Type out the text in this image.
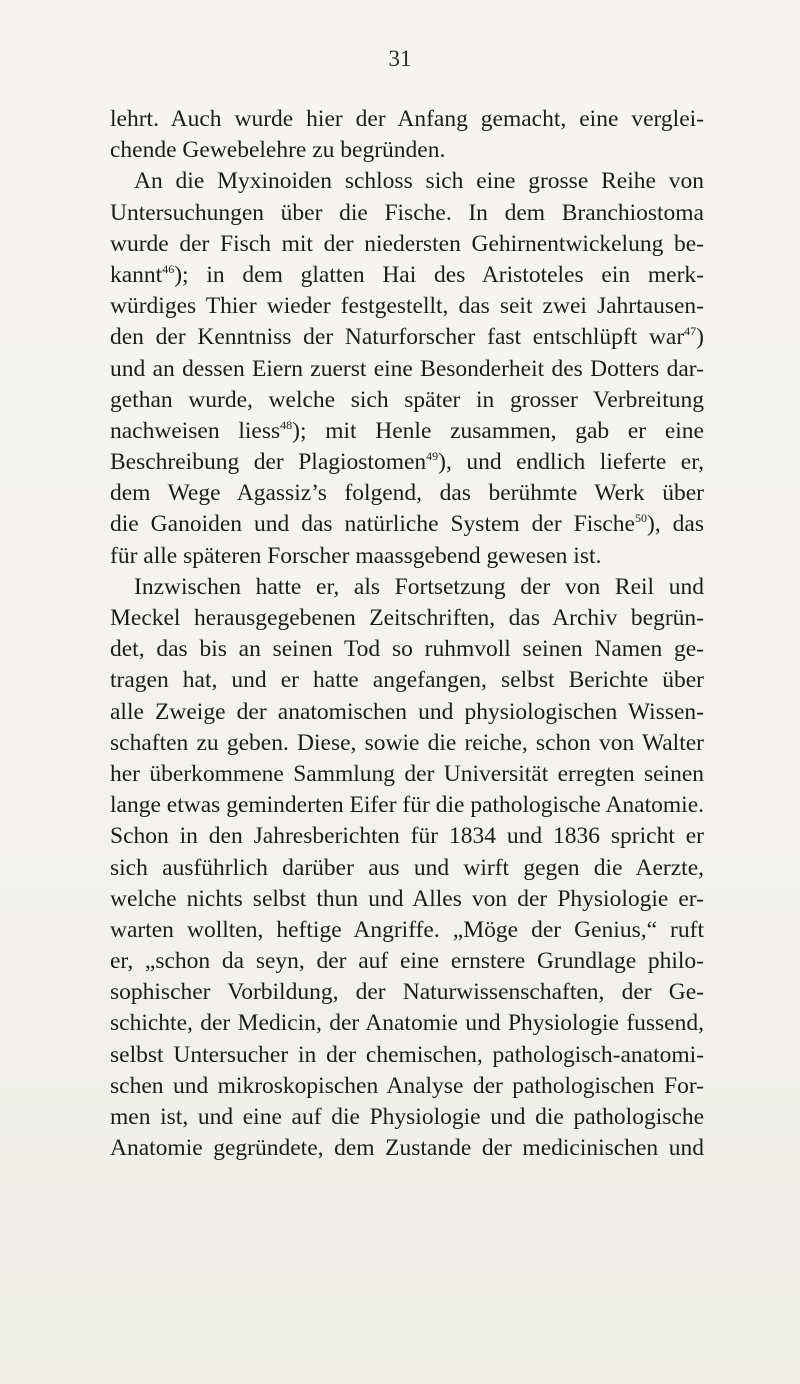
31
lehrt. Auch wurde hier der Anfang gemacht, eine verglei-
chende Gewebelehre zu begründen.
An die Myxinoiden schloss sich eine grosse Reihe von
Untersuchungen über die Fische. In dem Branchiostoma
wurde der Fisch mit der niedersten Gehirnentwickelung be-
kannt$^{46}$); in dem glatten Hai des Aristoteles ein merk-
würdiges Thier wieder festgestellt, das seit zwei Jahrtausen-
den der Kenntniss der Naturforscher fast entschlüpft war$^{47}$)
und an dessen Eiern zuerst eine Besonderheit des Dotters dar-
gethan wurde, welche sich später in grosser Verbreitung
nachweisen liess$^{48}$); mit Henle zusammen, gab er eine
Beschreibung der Plagiostomen$^{49}$), und endlich lieferte er,
dem Wege Agassiz’s folgend, das berühmte Werk über
die Ganoiden und das natürliche System der Fische$^{50}$), das
für alle späteren Forscher maassgebend gewesen ist.
Inzwischen hatte er, als Fortsetzung der von Reil und
Meckel herausgegebenen Zeitschriften, das Archiv begrün-
det, das bis an seinen Tod so ruhmvoll seinen Namen ge-
tragen hat, und er hatte angefangen, selbst Berichte über
alle Zweige der anatomischen und physiologischen Wissen-
schaften zu geben. Diese, sowie die reiche, schon von Walter
her überkommene Sammlung der Universität erregten seinen
lange etwas geminderten Eifer für die pathologische Anatomie.
Schon in den Jahresberichten für 1834 und 1836 spricht er
sich ausführlich darüber aus und wirft gegen die Aerzte,
welche nichts selbst thun und Alles von der Physiologie er-
warten wollten, heftige Angriffe. „Möge der Genius,“ ruft
er, „schon da seyn, der auf eine ernstere Grundlage philo-
sophischer Vorbildung, der Naturwissenschaften, der Ge-
schichte, der Medicin, der Anatomie und Physiologie fussend,
selbst Untersucher in der chemischen, pathologisch-anatomi-
schen und mikroskopischen Analyse der pathologischen For-
men ist, und eine auf die Physiologie und die pathologische
Anatomie gegründete, dem Zustande der medicinischen und
